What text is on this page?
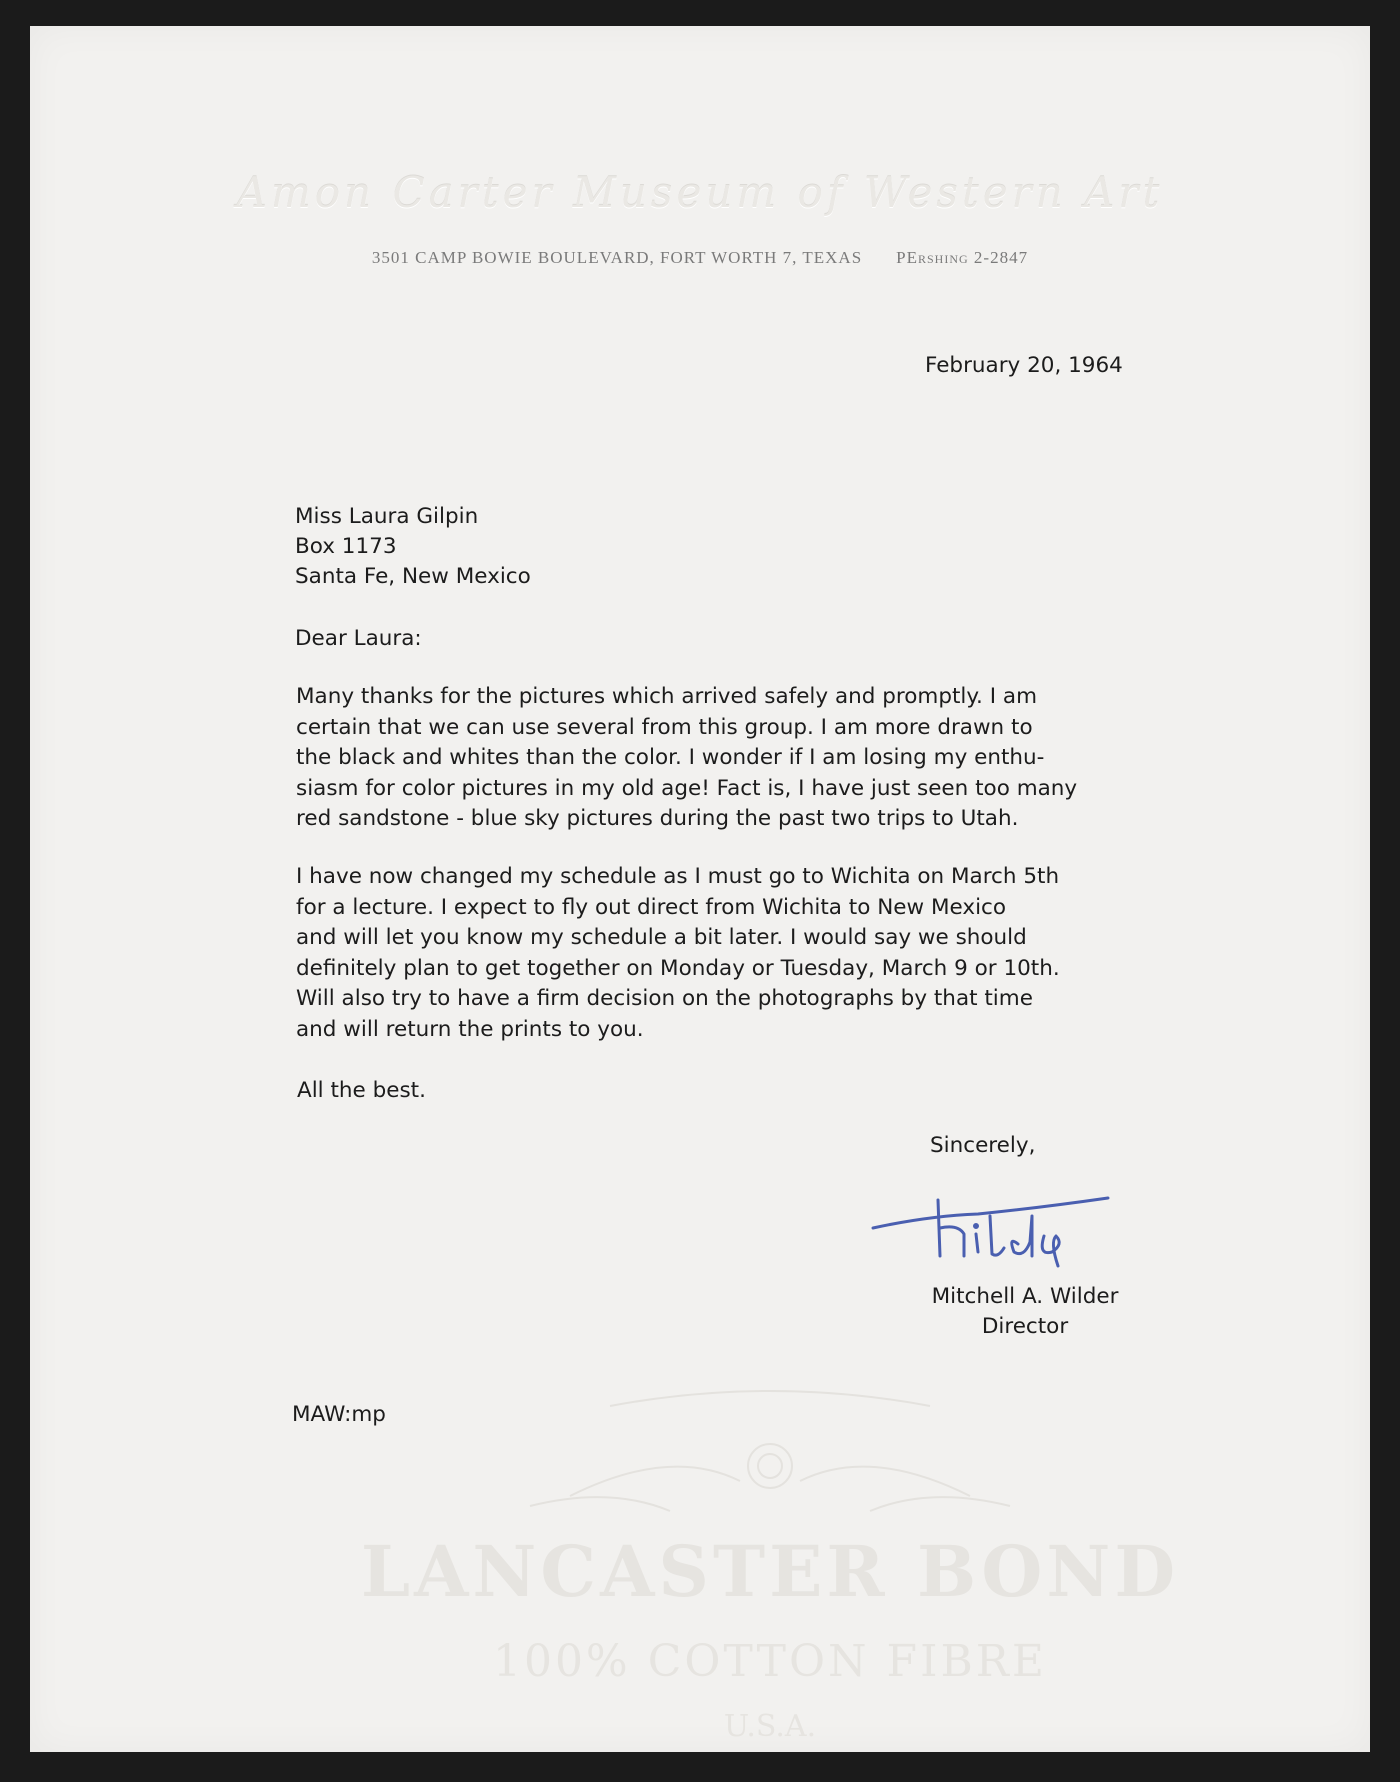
Amon Carter Museum of Western Art
3501 CAMP BOWIE BOULEVARD, FORT WORTH 7, TEXAS PErshing 2-2847
LANCASTER BOND
100% COTTON FIBRE
U.S.A.
February 20, 1964
Miss Laura Gilpin
Box 1173
Santa Fe, New Mexico
Dear Laura:
Many thanks for the pictures which arrived safely and promptly. I am
certain that we can use several from this group. I am more drawn to
the black and whites than the color. I wonder if I am losing my enthu-
siasm for color pictures in my old age! Fact is, I have just seen too many
red sandstone - blue sky pictures during the past two trips to Utah.
I have now changed my schedule as I must go to Wichita on March 5th
for a lecture. I expect to fly out direct from Wichita to New Mexico
and will let you know my schedule a bit later. I would say we should
definitely plan to get together on Monday or Tuesday, March 9 or 10th.
Will also try to have a firm decision on the photographs by that time
and will return the prints to you.
All the best.
Sincerely,
Mitchell A. Wilder
Director
MAW:mp
